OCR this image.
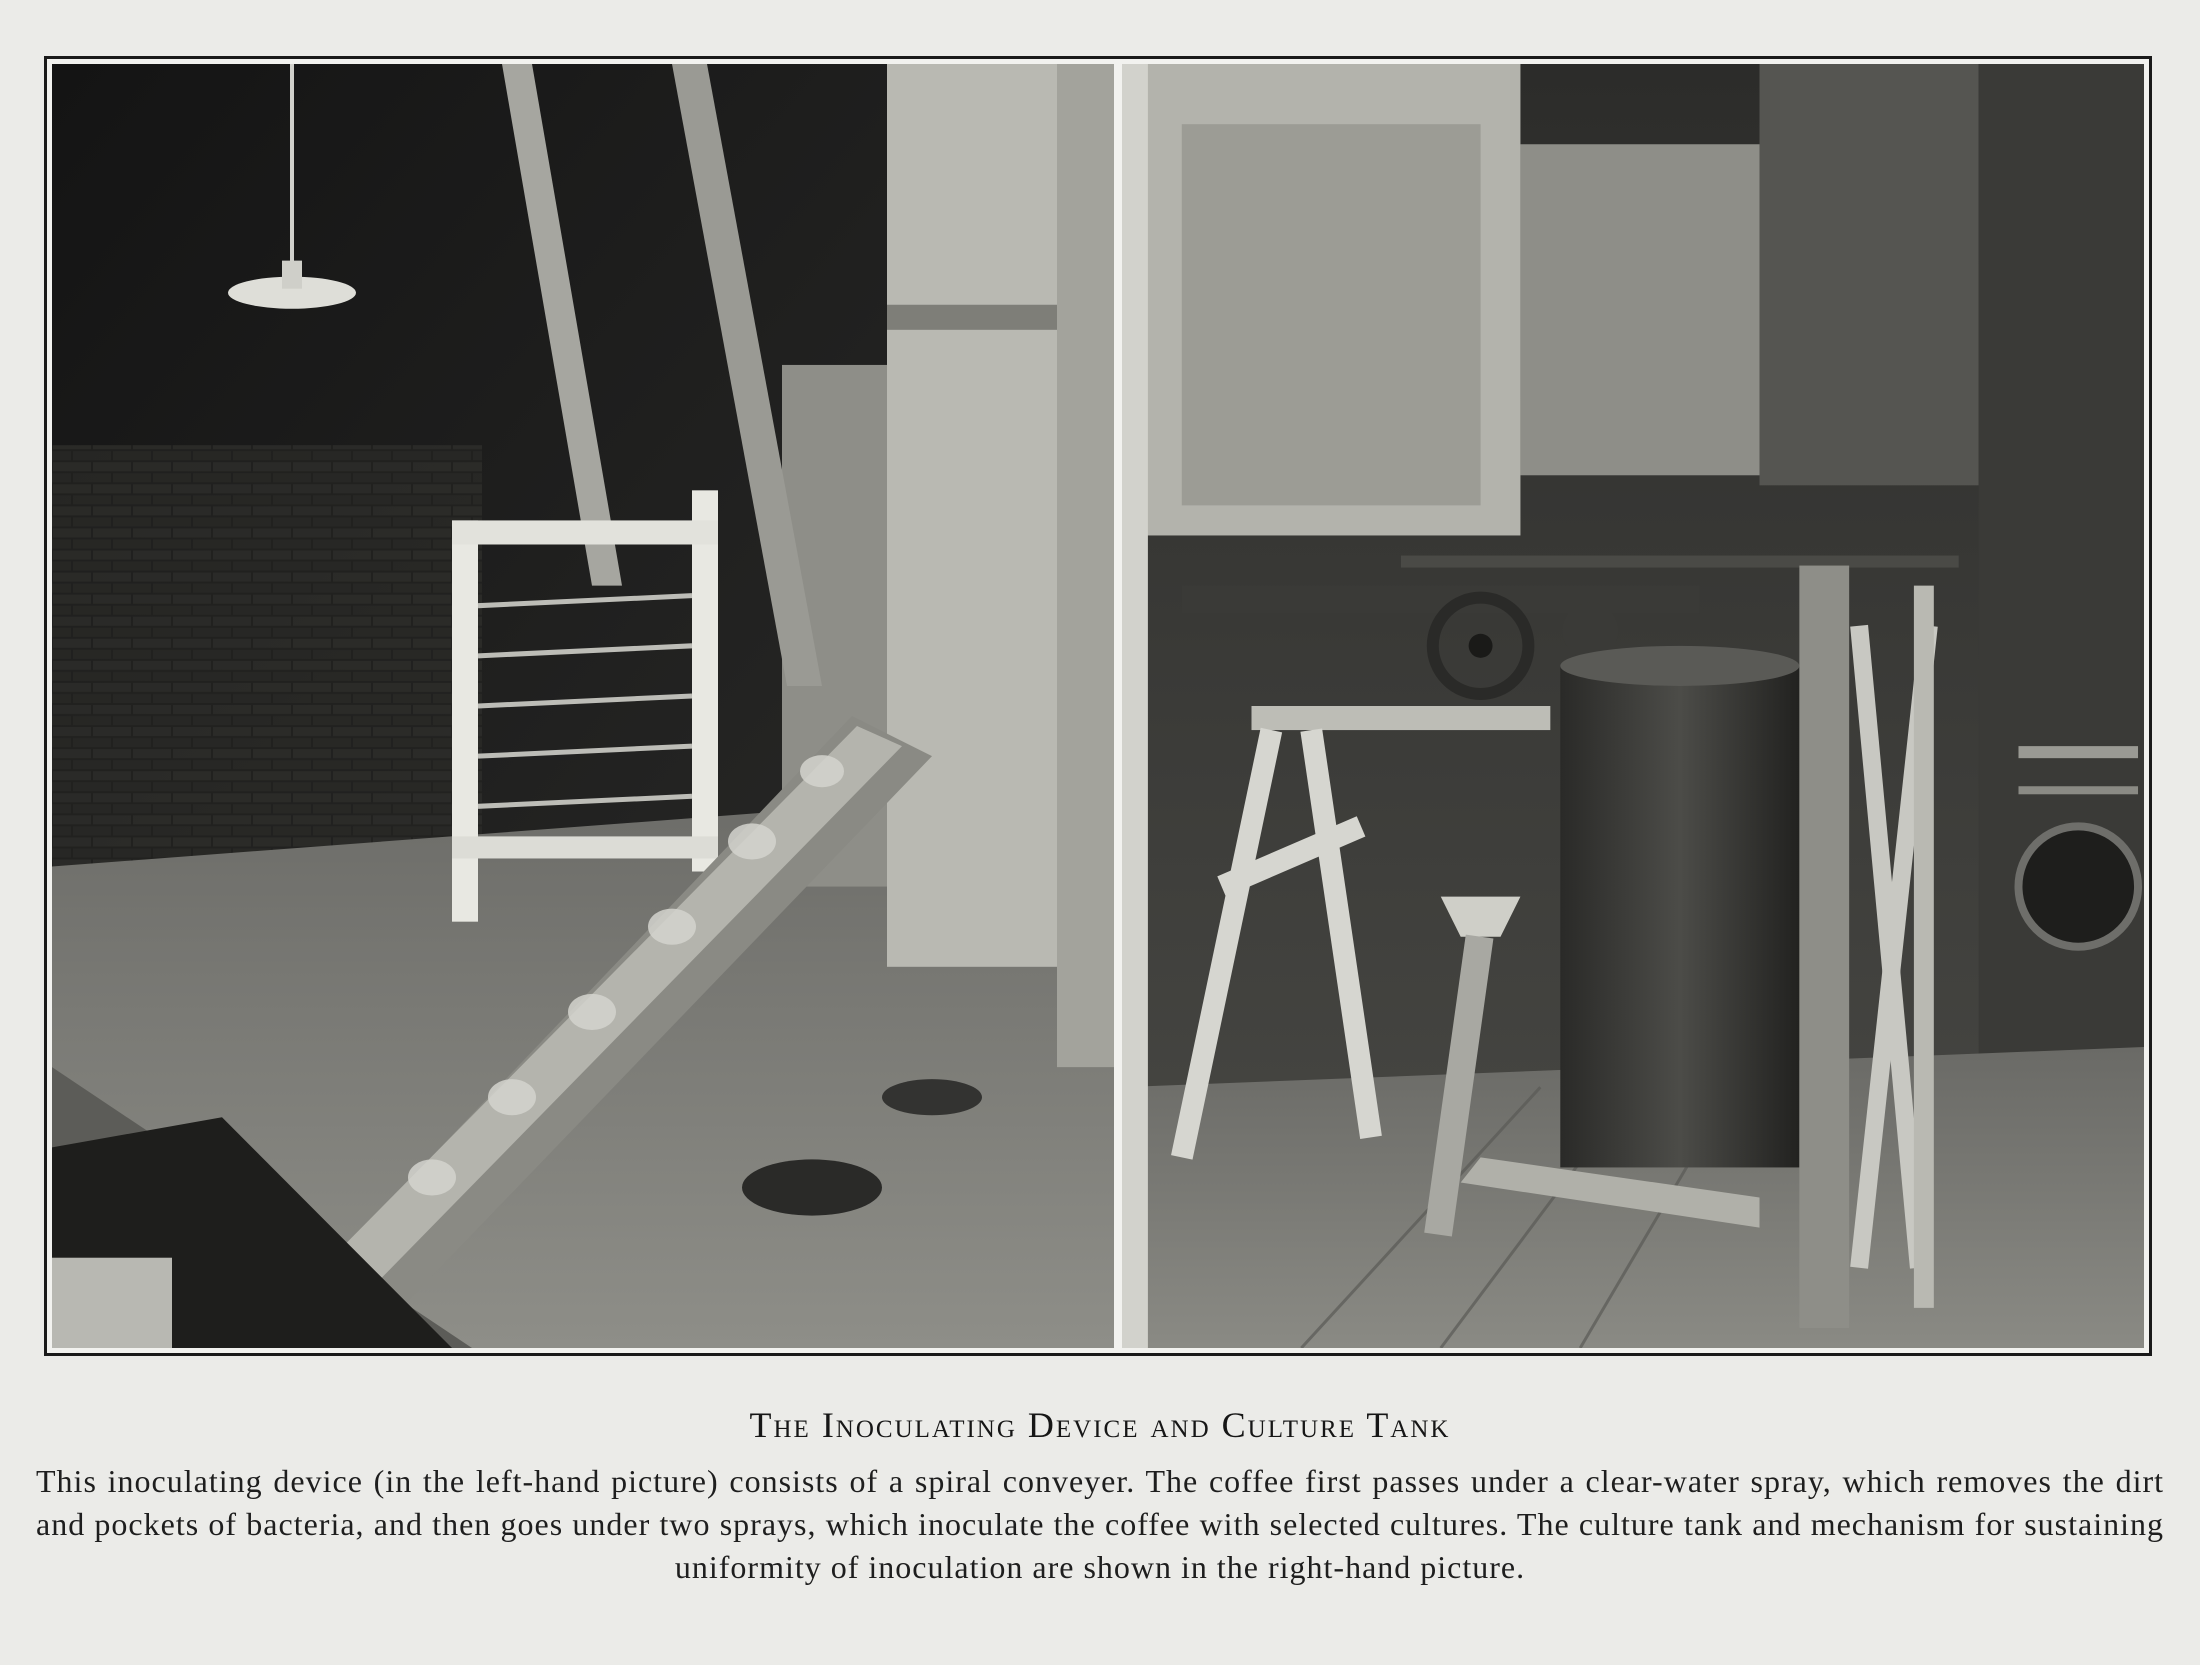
The Inoculating Device and Culture Tank

This inoculating device (in the left-hand picture) consists of a spiral conveyer. The coffee first passes under a clear-water spray, which removes the dirt and pockets of bacteria, and then goes under two sprays, which inoculate the coffee with selected cultures. The culture tank and mechanism for sustaining uniformity of inoculation are shown in the right-hand picture.
